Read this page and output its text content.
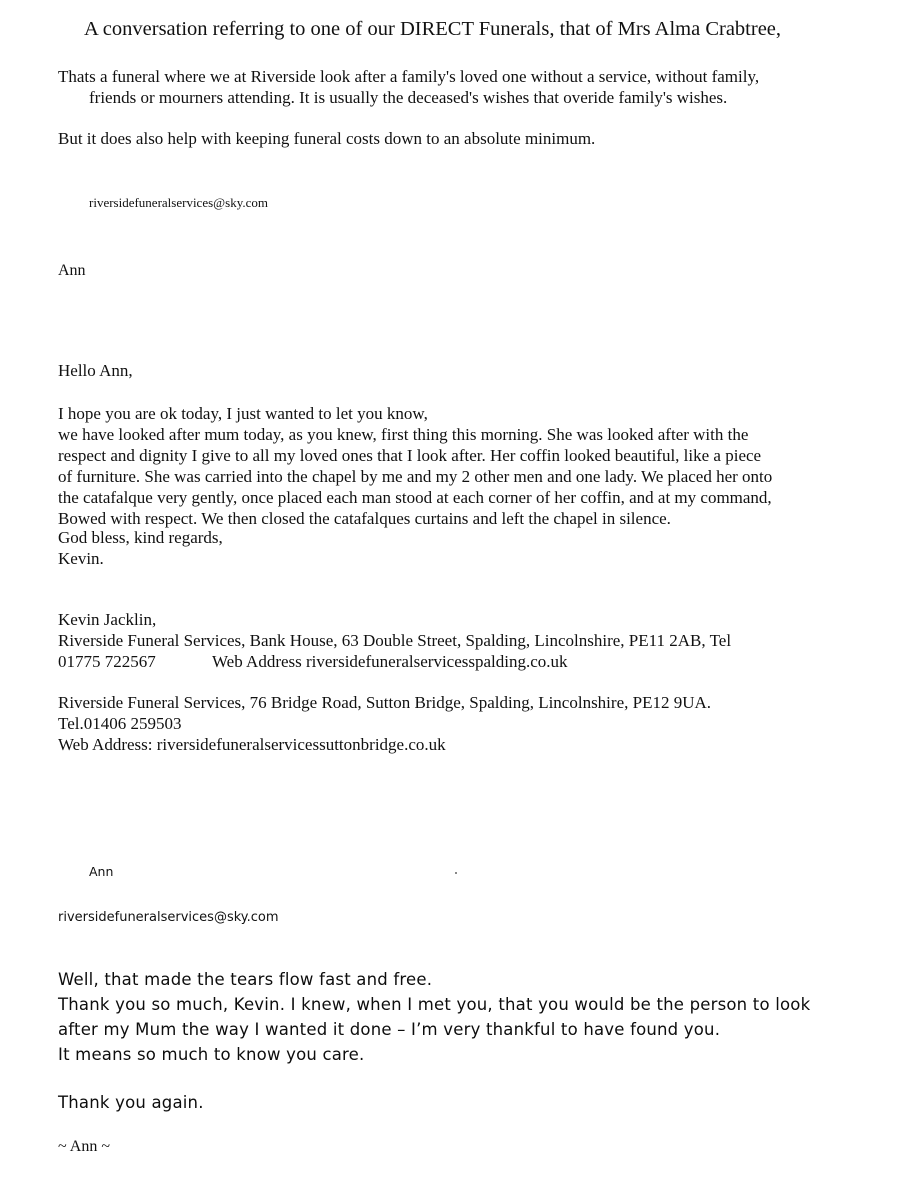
A conversation referring to one of our DIRECT Funerals, that of Mrs Alma Crabtree,
Thats a funeral where we at Riverside look after a family's loved one without a service, without family,
friends or mourners attending. It is usually the deceased's wishes that overide family's wishes.
But it does also help with keeping funeral costs down to an absolute minimum.
riversidefuneralservices@sky.com
Ann
Hello Ann,
I hope you are ok today, I just wanted to let you know,
we have looked after mum today, as you knew, first thing this morning. She was looked after with the
respect and dignity I give to all my loved ones that I look after. Her coffin looked beautiful, like a piece
of furniture. She was carried into the chapel by me and my 2 other men and one lady. We placed her onto
the catafalque very gently, once placed each man stood at each corner of her coffin, and at my command,
Bowed with respect. We then closed the catafalques curtains and left the chapel in silence.
God bless, kind regards,
Kevin.
Kevin Jacklin,
Riverside Funeral Services, Bank House, 63 Double Street, Spalding, Lincolnshire, PE11 2AB, Tel
01775 722567	Web Address riversidefuneralservicesspalding.co.uk
Riverside Funeral Services, 76 Bridge Road, Sutton Bridge, Spalding, Lincolnshire, PE12 9UA.
Tel.01406 259503
Web Address: riversidefuneralservicessuttonbridge.co.uk
Ann
riversidefuneralservices@sky.com
Well, that made the tears flow fast and free.
Thank you so much, Kevin. I knew, when I met you, that you would be the person to look
after my Mum the way I wanted it done – I’m very thankful to have found you.
It means so much to know you care.
Thank you again.
~ Ann ~
